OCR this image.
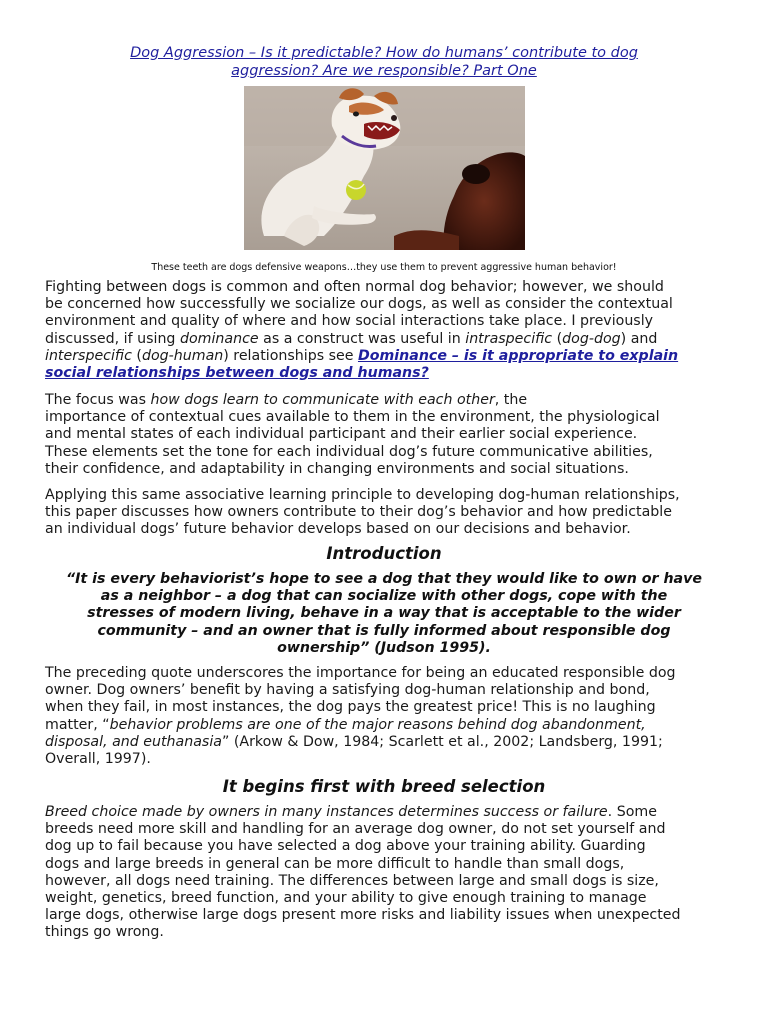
Dog Aggression – Is it predictable? How do humans’ contribute to dog
aggression? Are we responsible? Part One
These teeth are dogs defensive weapons…they use them to prevent aggressive human behavior!
Fighting between dogs is common and often normal dog behavior; however, we should
be concerned how successfully we socialize our dogs, as well as consider the contextual
environment and quality of where and how social interactions take place. I previously
discussed, if using dominance as a construct was useful in intraspecific (dog-dog) and
interspecific (dog-human) relationships see Dominance – is it appropriate to explain
social relationships between dogs and humans?
The focus was how dogs learn to communicate with each other, the
importance of contextual cues available to them in the environment, the physiological
and mental states of each individual participant and their earlier social experience.
These elements set the tone for each individual dog’s future communicative abilities,
their confidence, and adaptability in changing environments and social situations.
Applying this same associative learning principle to developing dog-human relationships,
this paper discusses how owners contribute to their dog’s behavior and how predictable
an individual dogs’ future behavior develops based on our decisions and behavior.
Introduction
“It is every behaviorist’s hope to see a dog that they would like to own or have
as a neighbor – a dog that can socialize with other dogs, cope with the
stresses of modern living, behave in a way that is acceptable to the wider
community – and an owner that is fully informed about responsible dog
ownership” (Judson 1995).
The preceding quote underscores the importance for being an educated responsible dog
owner. Dog owners’ benefit by having a satisfying dog-human relationship and bond,
when they fail, in most instances, the dog pays the greatest price! This is no laughing
matter, “behavior problems are one of the major reasons behind dog abandonment,
disposal, and euthanasia” (Arkow & Dow, 1984; Scarlett et al., 2002; Landsberg, 1991;
Overall, 1997).
It begins first with breed selection
Breed choice made by owners in many instances determines success or failure. Some
breeds need more skill and handling for an average dog owner, do not set yourself and
dog up to fail because you have selected a dog above your training ability. Guarding
dogs and large breeds in general can be more difficult to handle than small dogs,
however, all dogs need training. The differences between large and small dogs is size,
weight, genetics, breed function, and your ability to give enough training to manage
large dogs, otherwise large dogs present more risks and liability issues when unexpected
things go wrong.
